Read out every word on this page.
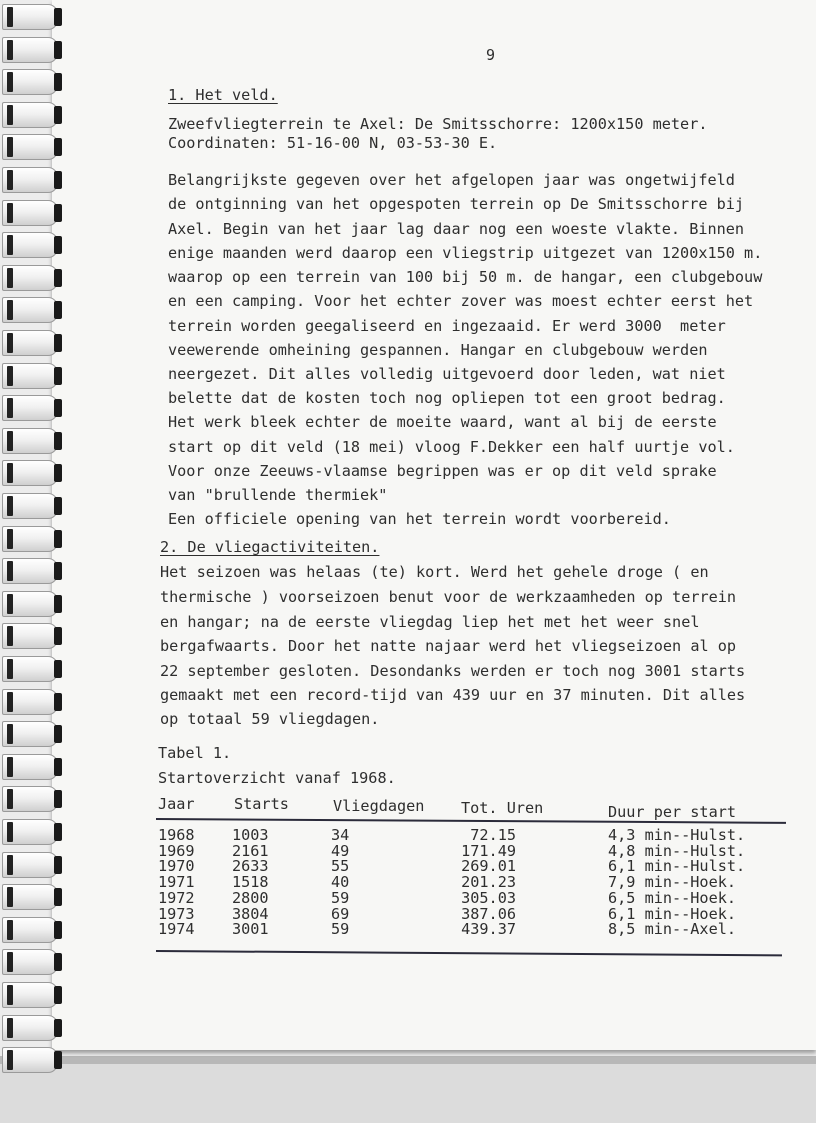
9
1. Het veld.
Zweefvliegterrein te Axel: De Smitsschorre: 1200x150 meter.
Coordinaten: 51-16-00 N, 03-53-30 E.
Belangrijkste gegeven over het afgelopen jaar was ongetwijfeld
de ontginning van het opgespoten terrein op De Smitsschorre bij
Axel. Begin van het jaar lag daar nog een woeste vlakte. Binnen
enige maanden werd daarop een vliegstrip uitgezet van 1200x150 m.
waarop op een terrein van 100 bij 50 m. de hangar, een clubgebouw
en een camping. Voor het echter zover was moest echter eerst het
terrein worden geegaliseerd en ingezaaid. Er werd 3000  meter
veewerende omheining gespannen. Hangar en clubgebouw werden
neergezet. Dit alles volledig uitgevoerd door leden, wat niet
belette dat de kosten toch nog opliepen tot een groot bedrag.
Het werk bleek echter de moeite waard, want al bij de eerste
start op dit veld (18 mei) vloog F.Dekker een half uurtje vol.
Voor onze Zeeuws-vlaamse begrippen was er op dit veld sprake
van "brullende thermiek"
Een officiele opening van het terrein wordt voorbereid.
2. De vliegactiviteiten.
Het seizoen was helaas (te) kort. Werd het gehele droge ( en
thermische ) voorseizoen benut voor de werkzaamheden op terrein
en hangar; na de eerste vliegdag liep het met het weer snel
bergafwaarts. Door het natte najaar werd het vliegseizoen al op
22 september gesloten. Desondanks werden er toch nog 3001 starts
gemaakt met een record-tijd van 439 uur en 37 minuten. Dit alles
op totaal 59 vliegdagen.
Tabel 1.
Startoverzicht vanaf 1968.
Jaar	Starts	Vliegdagen Tot. Uren	Duur per start
1968 1003	34	72.15	4,3 min--Hulst.
1969 2161	49	171.49	4,8 min--Hulst.
1970 2633	55	269.01	6,1 min--Hulst.
1971 1518	40	201.23	7,9 min--Hoek.
1972 2800	59	305.03	6,5 min--Hoek.
1973 3804	69	387.06	6,1 min--Hoek.
1974 3001	59	439.37	8,5 min--Axel.
